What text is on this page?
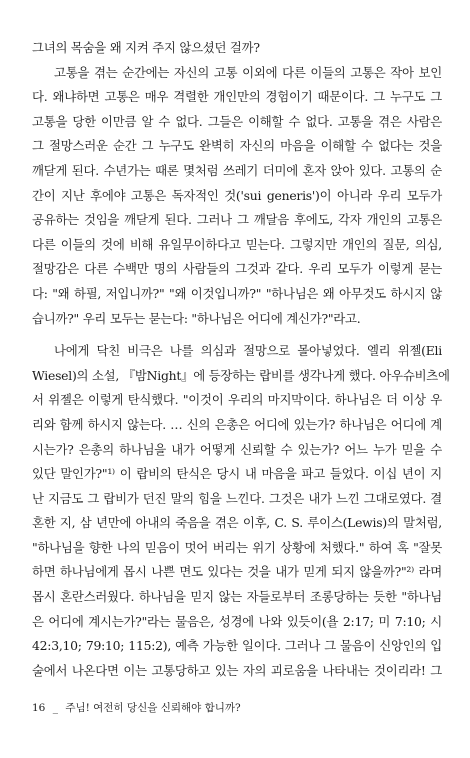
그녀의 목숨을 왜 지켜 주지 않으셨던 걸까?
고통을 겪는 순간에는 자신의 고통 이외에 다른 이들의 고통은 작아 보인
다. 왜냐하면 고통은 매우 격렬한 개인만의 경험이기 때문이다. 그 누구도 그
고통을 당한 이만큼 알 수 없다. 그들은 이해할 수 없다. 고통을 겪은 사람은
그 절망스러운 순간 그 누구도 완벽히 자신의 마음을 이해할 수 없다는 것을
깨닫게 된다. 수년가는 때론 몇처럼 쓰레기 더미에 혼자 앉아 있다. 고통의 순
간이 지난 후에야 고통은 독자적인 것('sui generis')이 아니라 우리 모두가
공유하는 것임을 깨닫게 된다. 그러나 그 깨달음 후에도, 각자 개인의 고통은
다른 이들의 것에 비해 유일무이하다고 믿는다. 그렇지만 개인의 질문, 의심,
절망감은 다른 수백만 명의 사람들의 그것과 같다. 우리 모두가 이렇게 묻는
다: "왜 하필, 저입니까?" "왜 이것입니까?" "하나님은 왜 아무것도 하시지 않
습니까?" 우리 모두는 묻는다: "하나님은 어디에 계신가?"라고.
나에게 닥친 비극은 나를 의심과 절망으로 몰아넣었다. 엘리 위젤(Eli
Wiesel)의 소설, 『밤Night』에 등장하는 랍비를 생각나게 했다. 아우슈비츠에
서 위젤은 이렇게 탄식했다. "이것이 우리의 마지막이다. 하나님은 더 이상 우
리와 함께 하시지 않는다. … 신의 은총은 어디에 있는가? 하나님은 어디에 계
시는가? 은총의 하나님을 내가 어떻게 신뢰할 수 있는가? 어느 누가 믿을 수
있단 말인가?"¹⁾ 이 랍비의 탄식은 당시 내 마음을 파고 들었다. 이십 년이 지
난 지금도 그 랍비가 던진 말의 힘을 느낀다. 그것은 내가 느낀 그대로였다. 결
혼한 지, 삼 년만에 아내의 죽음을 겪은 이후, C. S. 루이스(Lewis)의 말처럼,
"하나님을 향한 나의 믿음이 멋어 버리는 위기 상황에 처했다." 하여 혹 "잘못
하면 하나님에게 몹시 나쁜 면도 있다는 것을 내가 믿게 되지 않을까?"²⁾ 라며
몹시 혼란스러웠다. 하나님을 믿지 않는 자들로부터 조롱당하는 듯한 "하나님
은 어디에 계시는가?"라는 물음은, 성경에 나와 있듯이(욜 2:17; 미 7:10; 시
42:3,10; 79:10; 115:2), 예측 가능한 일이다. 그러나 그 물음이 신앙인의 입
술에서 나온다면 이는 고통당하고 있는 자의 괴로움을 나타내는 것이리라! 그
16 _ 주님! 여전히 당신을 신뢰해야 합니까?
